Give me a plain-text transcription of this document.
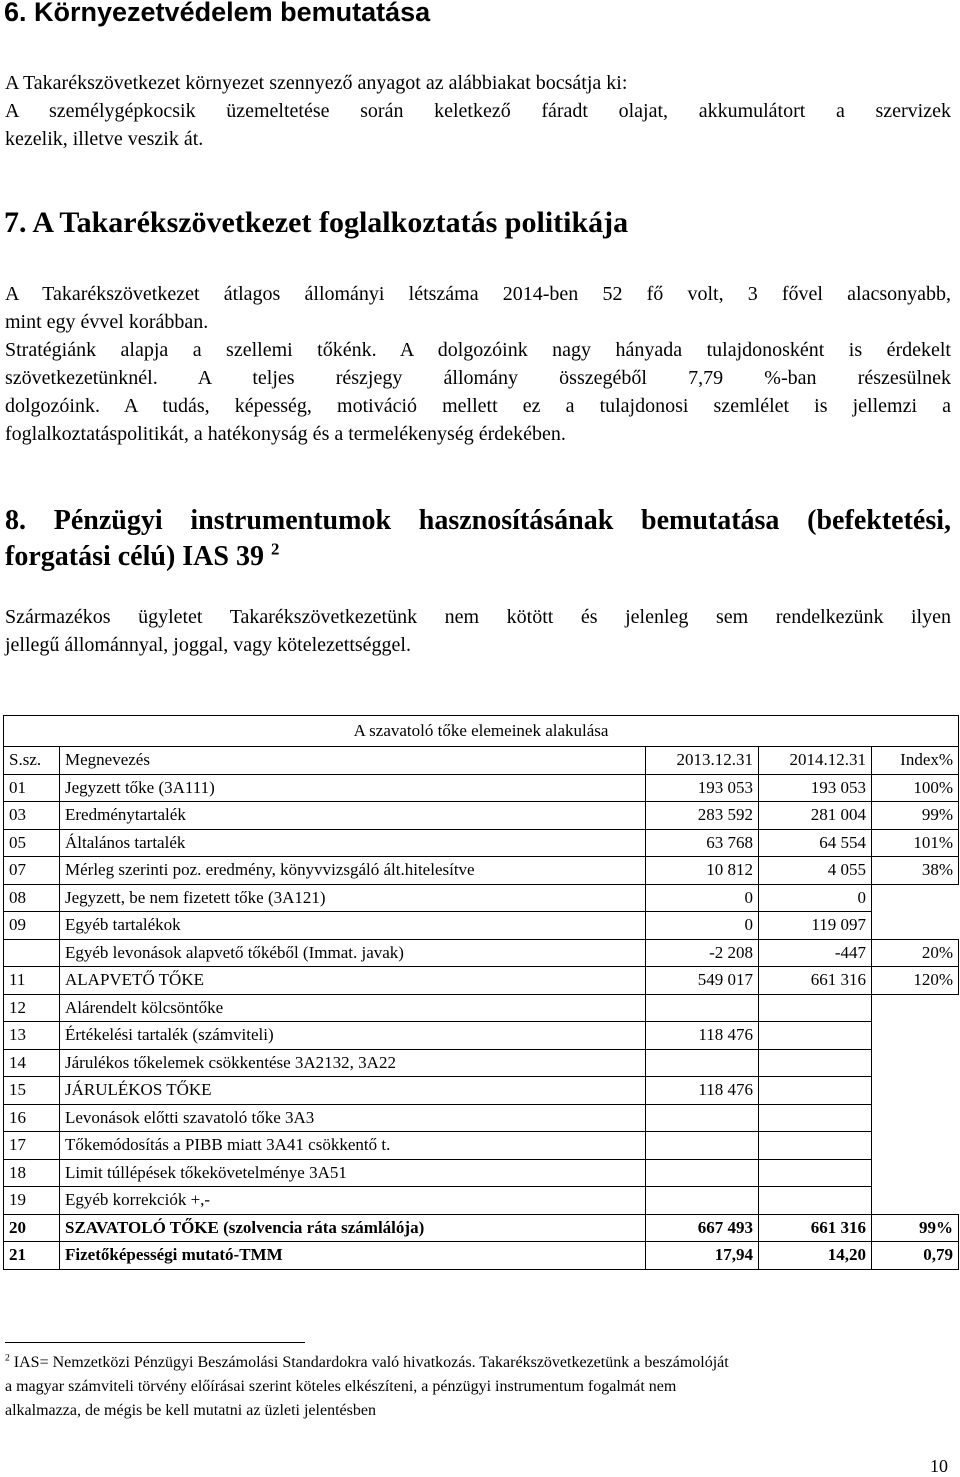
6. Környezetvédelem bemutatása
A Takarékszövetkezet környezet szennyező anyagot az alábbiakat bocsátja ki:
A személygépkocsik üzemeltetése során keletkező fáradt olajat, akkumulátort a szervizek
kezelik, illetve veszik át.
7. A Takarékszövetkezet foglalkoztatás politikája
A Takarékszövetkezet átlagos állományi létszáma 2014-ben 52 fő volt, 3 fővel alacsonyabb,
mint egy évvel korábban.
Stratégiánk alapja a szellemi tőkénk. A dolgozóink nagy hányada tulajdonosként is érdekelt
szövetkezetünknél. A teljes részjegy állomány összegéből 7,79 %-ban részesülnek
dolgozóink. A tudás, képesség, motiváció mellett ez a tulajdonosi szemlélet is jellemzi a
foglalkoztatáspolitikát, a hatékonyság és a termelékenység érdekében.
8. Pénzügyi instrumentumok hasznosításának bemutatása (befektetési,
forgatási célú) IAS 39 $^2$
Származékos ügyletet Takarékszövetkezetünk nem kötött és jelenleg sem rendelkezünk ilyen
jellegű állománnyal, joggal, vagy kötelezettséggel.
A szavatoló tőke elemeinek alakulása				
S.sz.	Megnevezés	2013.12.31	2014.12.31	Index%
01	Jegyzett tőke (3A111)	193 053	193 053	100%
03	Eredménytartalék	283 592	281 004	99%
05	Általános tartalék	63 768	64 554	101%
07	Mérleg szerinti poz. eredmény, könyvvizsgáló ált.hitelesítve	10 812	4 055	38%
08	Jegyzett, be nem fizetett tőke (3A121)	0	0	
09	Egyéb tartalékok	0	119 097	
	Egyéb levonások alapvető tőkéből (Immat. javak)	-2 208	-447	20%
11	ALAPVETŐ TŐKE	549 017	661 316	120%
12	Alárendelt kölcsöntőke			
13	Értékelési tartalék (számviteli)	118 476		
14	Járulékos tőkelemek csökkentése 3A2132, 3A22			
15	JÁRULÉKOS TŐKE	118 476		
16	Levonások előtti szavatoló tőke 3A3			
17	Tőkemódosítás a PIBB miatt 3A41 csökkentő t.			
18	Limit túllépések tőkekövetelménye 3A51			
19	Egyéb korrekciók +,-			
20	SZAVATOLÓ TŐKE (szolvencia ráta számlálója)	667 493	661 316	99%
21	Fizetőképességi mutató-TMM	17,94	14,20	0,79
$^2$ IAS= Nemzetközi Pénzügyi Beszámolási Standardokra való hivatkozás. Takarékszövetkezetünk a beszámolóját
a magyar számviteli törvény előírásai szerint köteles elkészíteni, a pénzügyi instrumentum fogalmát nem
alkalmazza, de mégis be kell mutatni az üzleti jelentésben
10
